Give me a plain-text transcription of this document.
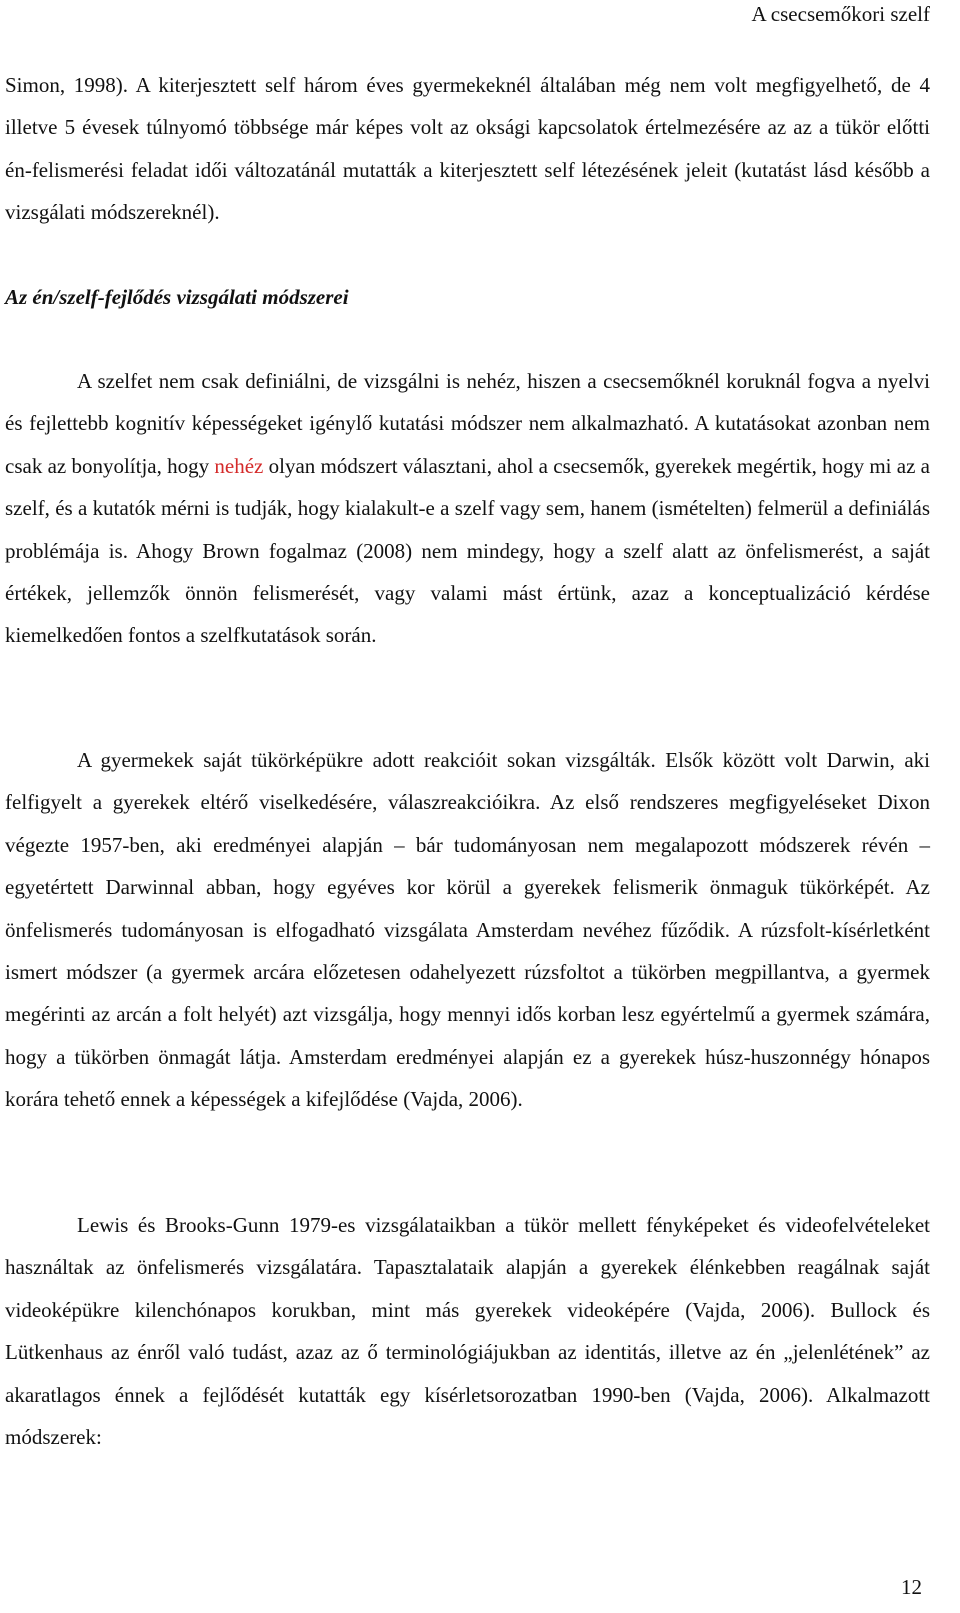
A csecsemőkori szelf

Simon, 1998). A kiterjesztett self három éves gyermekeknél általában még nem volt megfigyelhető, de 4 illetve 5 évesek túlnyomó többsége már képes volt az oksági kapcsolatok értelmezésére az az a tükör előtti én-felismerési feladat idői változatánál mutatták a kiterjesztett self létezésének jeleit (kutatást lásd később a vizsgálati módszereknél).

Az én/szelf-fejlődés vizsgálati módszerei

A szelfet nem csak definiálni, de vizsgálni is nehéz, hiszen a csecsemőknél koruknál fogva a nyelvi és fejlettebb kognitív képességeket igénylő kutatási módszer nem alkalmazható. A kutatásokat azonban nem csak az bonyolítja, hogy nehéz olyan módszert választani, ahol a csecsemők, gyerekek megértik, hogy mi az a szelf, és a kutatók mérni is tudják, hogy kialakult-e a szelf vagy sem, hanem (ismételten) felmerül a definiálás problémája is. Ahogy Brown fogalmaz (2008) nem mindegy, hogy a szelf alatt az önfelismerést, a saját értékek, jellemzők önnön felismerését, vagy valami mást értünk, azaz a konceptualizáció kérdése kiemelkedően fontos a szelfkutatások során.

A gyermekek saját tükörképükre adott reakcióit sokan vizsgálták. Elsők között volt Darwin, aki felfigyelt a gyerekek eltérő viselkedésére, válaszreakcióikra. Az első rendszeres megfigyeléseket Dixon végezte 1957-ben, aki eredményei alapján – bár tudományosan nem megalapozott módszerek révén – egyetértett Darwinnal abban, hogy egyéves kor körül a gyerekek felismerik önmaguk tükörképét. Az önfelismerés tudományosan is elfogadható vizsgálata Amsterdam nevéhez fűződik. A rúzsfolt-kísérletként ismert módszer (a gyermek arcára előzetesen odahelyezett rúzsfoltot a tükörben megpillantva, a gyermek megérinti az arcán a folt helyét) azt vizsgálja, hogy mennyi idős korban lesz egyértelmű a gyermek számára, hogy a tükörben önmagát látja. Amsterdam eredményei alapján ez a gyerekek húsz-huszonnégy hónapos korára tehető ennek a képességek a kifejlődése (Vajda, 2006).

Lewis és Brooks-Gunn 1979-es vizsgálataikban a tükör mellett fényképeket és videofelvételeket használtak az önfelismerés vizsgálatára. Tapasztalataik alapján a gyerekek élénkebben reagálnak saját videoképükre kilenchónapos korukban, mint más gyerekek videoképére (Vajda, 2006). Bullock és Lütkenhaus az énről való tudást, azaz az ő terminológiájukban az identitás, illetve az én „jelenlétének” az akaratlagos énnek a fejlődését kutatták egy kísérletsorozatban 1990-ben (Vajda, 2006). Alkalmazott módszerek:

12
